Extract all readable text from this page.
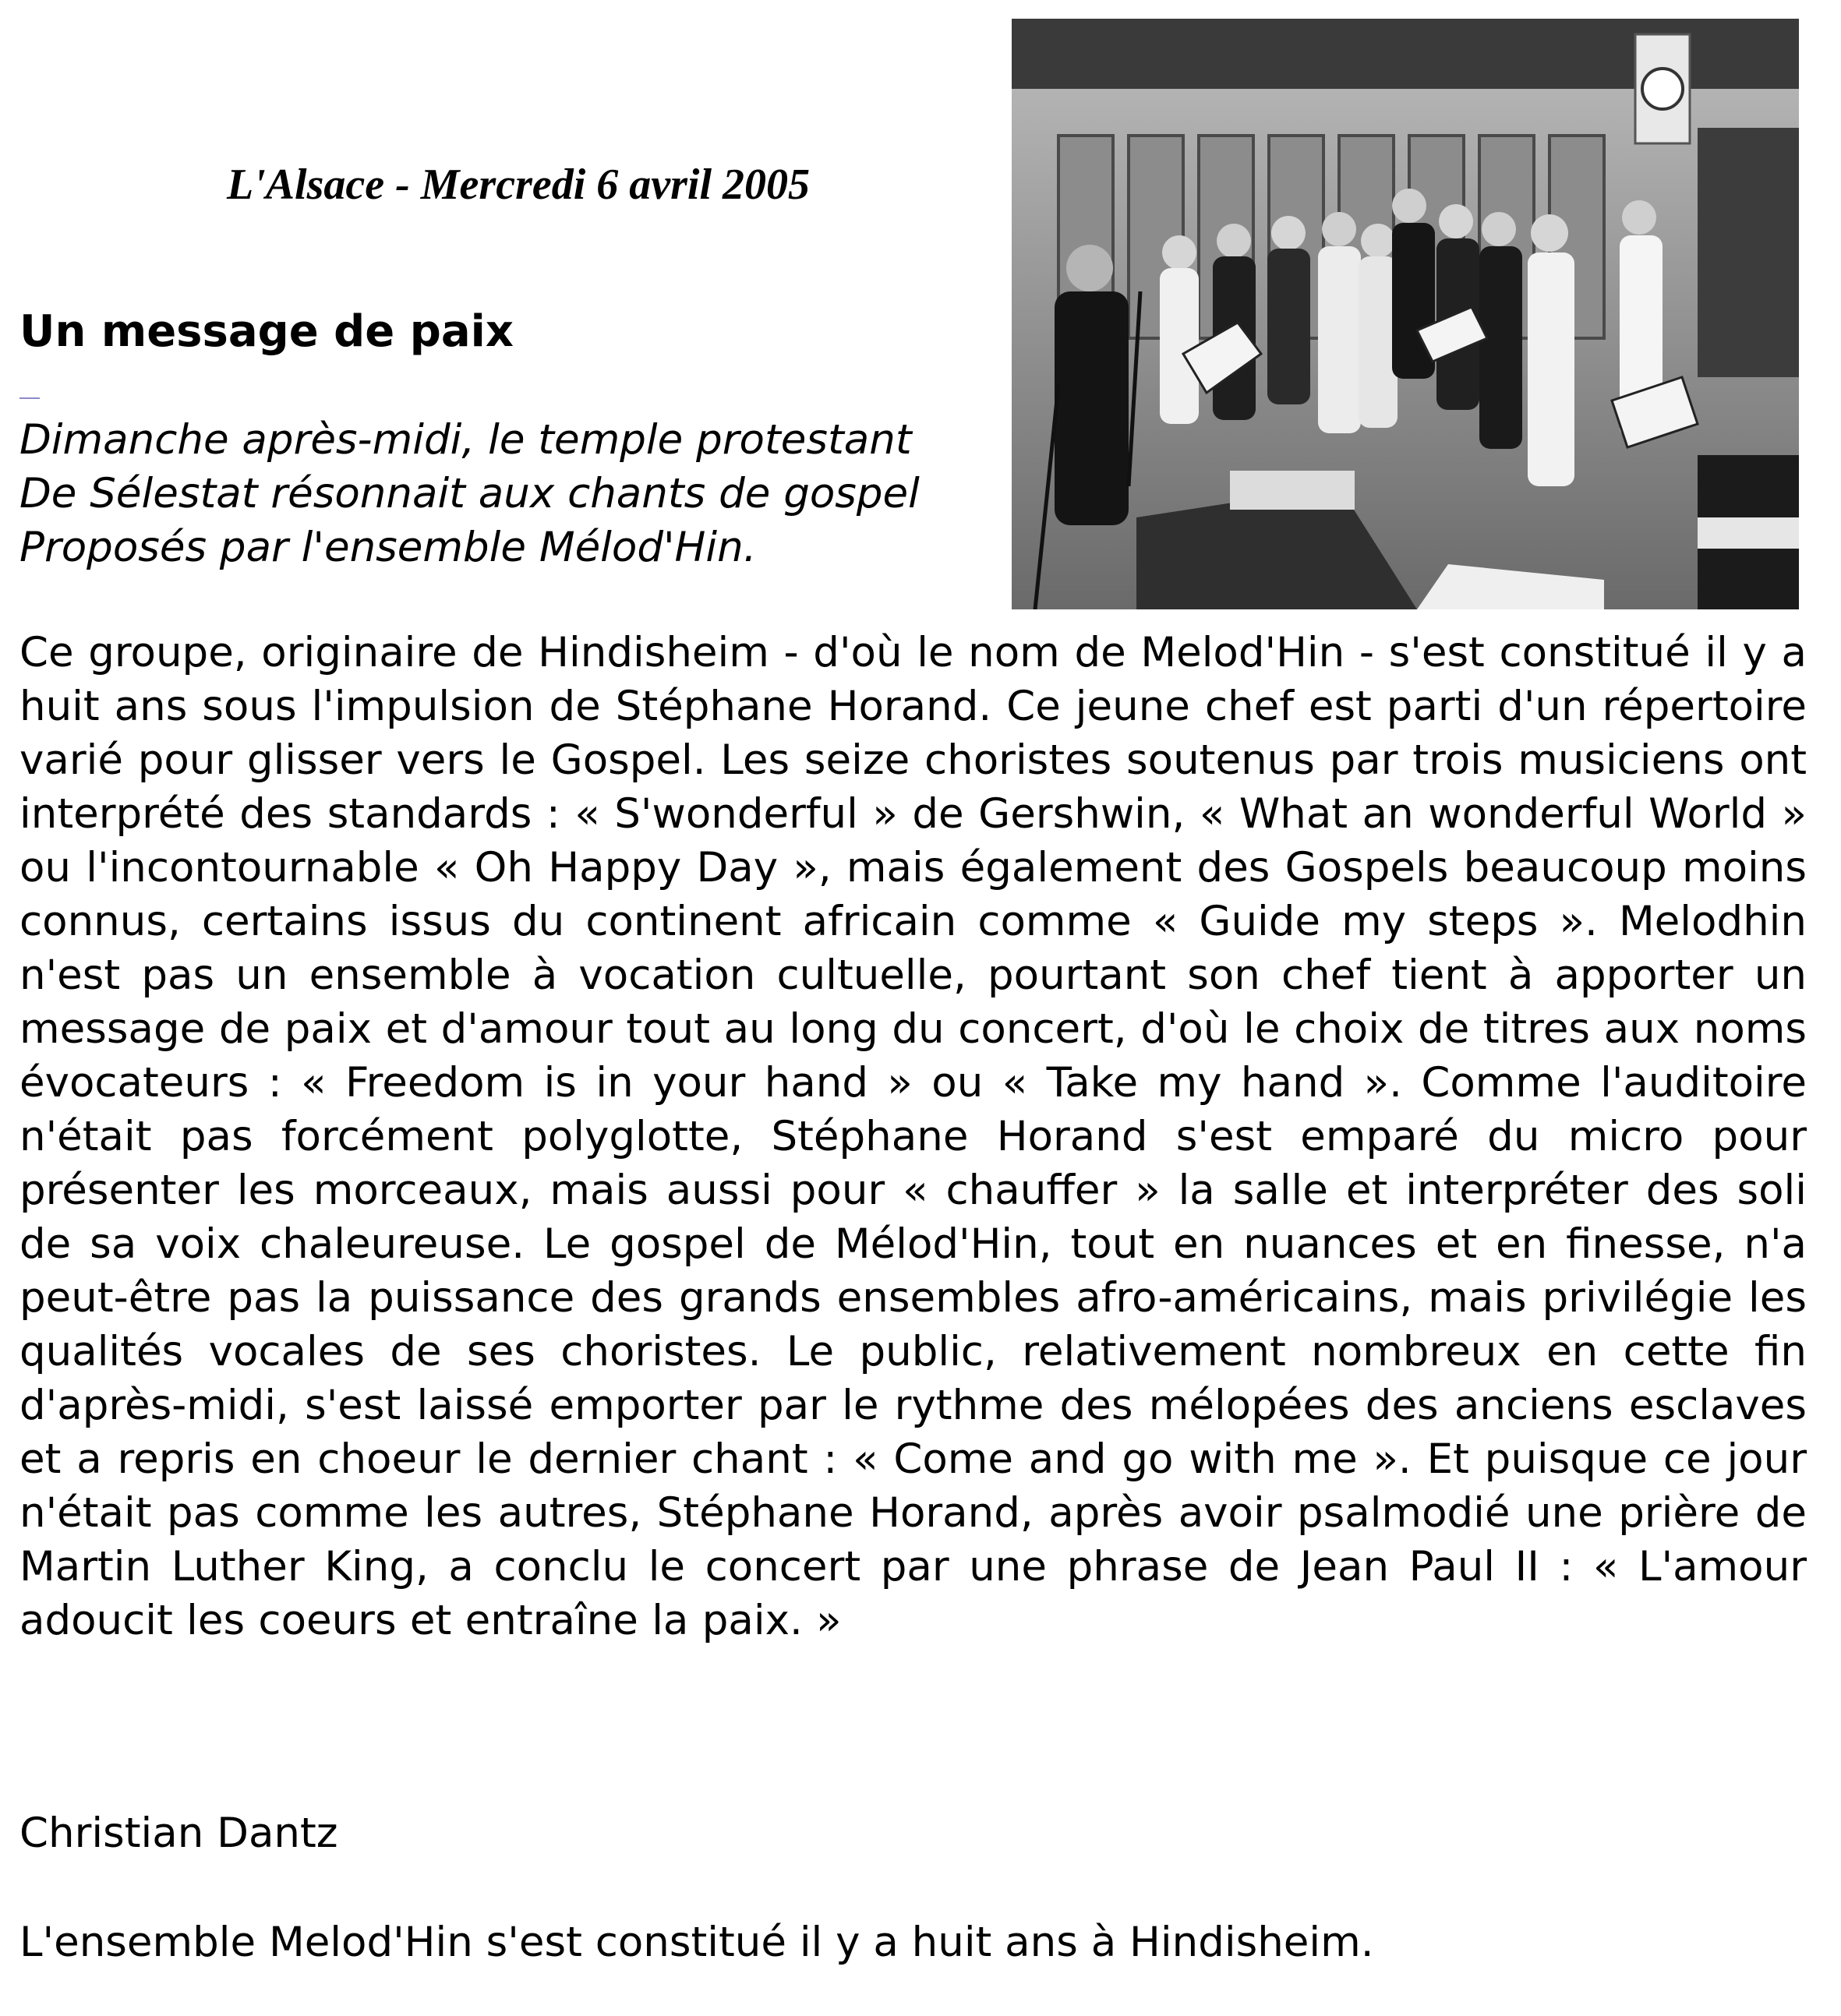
L'Alsace - Mercredi 6 avril 2005
Un message de paix
Dimanche après-midi, le temple protestant
De Sélestat résonnait aux chants de gospel
Proposés par l'ensemble Mélod'Hin.

Ce groupe, originaire de Hindisheim - d'où le nom de Melod'Hin - s'est constitué il y a huit ans sous l'impulsion de Stéphane Horand. Ce jeune chef est parti d'un répertoire varié pour glisser vers le Gospel. Les seize choristes soutenus par trois musiciens ont interprété des standards : « S'wonderful » de Gershwin, « What an wonderful World » ou l'incontournable « Oh Happy Day », mais également des Gospels beaucoup moins connus, certains issus du continent africain comme « Guide my steps ». Melodhin n'est pas un ensemble à vocation cultuelle, pourtant son chef tient à apporter un message de paix et d'amour tout au long du concert, d'où le choix de titres aux noms évocateurs : « Freedom is in your hand » ou « Take my hand ». Comme l'auditoire n'était pas forcément polyglotte, Stéphane Horand s'est emparé du micro pour présenter les morceaux, mais aussi pour « chauffer » la salle et interpréter des soli de sa voix chaleureuse. Le gospel de Mélod'Hin, tout en nuances et en finesse, n'a peut-être pas la puissance des grands ensembles afro-américains, mais privilégie les qualités vocales de ses choristes. Le public, relativement nombreux en cette fin d'après-midi, s'est laissé emporter par le rythme des mélopées des anciens esclaves et a repris en choeur le dernier chant : « Come and go with me ». Et puisque ce jour n'était pas comme les autres, Stéphane Horand, après avoir psalmodié une prière de Martin Luther King, a conclu le concert par une phrase de Jean Paul II : « L'amour adoucit les coeurs et entraîne la paix. »

Christian Dantz
L'ensemble Melod'Hin s'est constitué il y a huit ans à Hindisheim.
